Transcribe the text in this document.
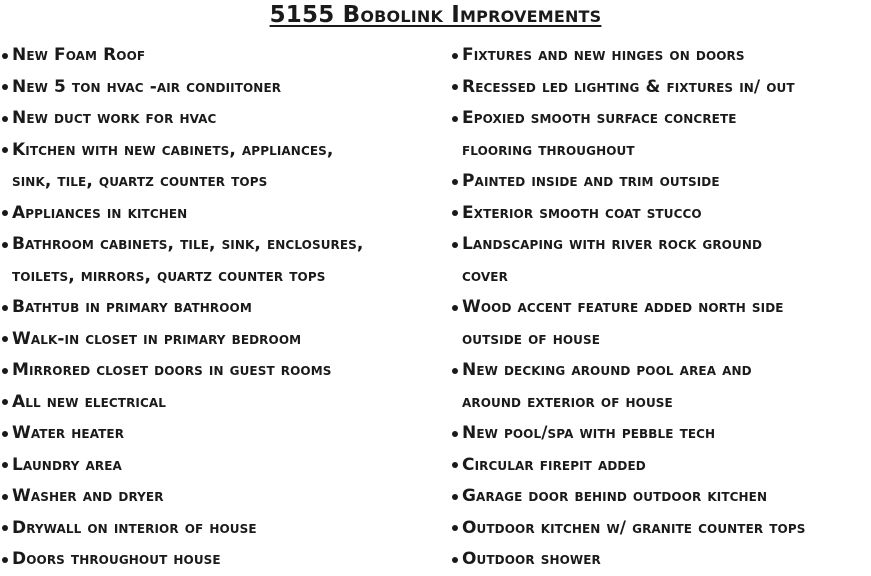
5155 Bobolink Improvements
New Foam Roof
New 5 ton hvac -air condiitoner
New duct work for hvac
Kitchen with new cabinets, appliances,
sink, tile, quartz counter tops
Appliances in kitchen
Bathroom cabinets, tile, sink, enclosures,
toilets, mirrors, quartz counter tops
Bathtub in primary bathroom
Walk-in closet in primary bedroom
Mirrored closet doors in guest rooms
All new electrical
Water heater
Laundry area
Washer and dryer
Drywall on interior of house
Doors throughout house
Fixtures and new hinges on doors
Recessed led lighting & fixtures in/ out
Epoxied smooth surface concrete
flooring throughout
Painted inside and trim outside
Exterior smooth coat stucco
Landscaping with river rock ground
cover
Wood accent feature added north side
outside of house
New decking around pool area and
around exterior of house
New pool/spa with pebble tech
Circular firepit added
Garage door behind outdoor kitchen
Outdoor kitchen w/ granite counter tops
Outdoor shower
